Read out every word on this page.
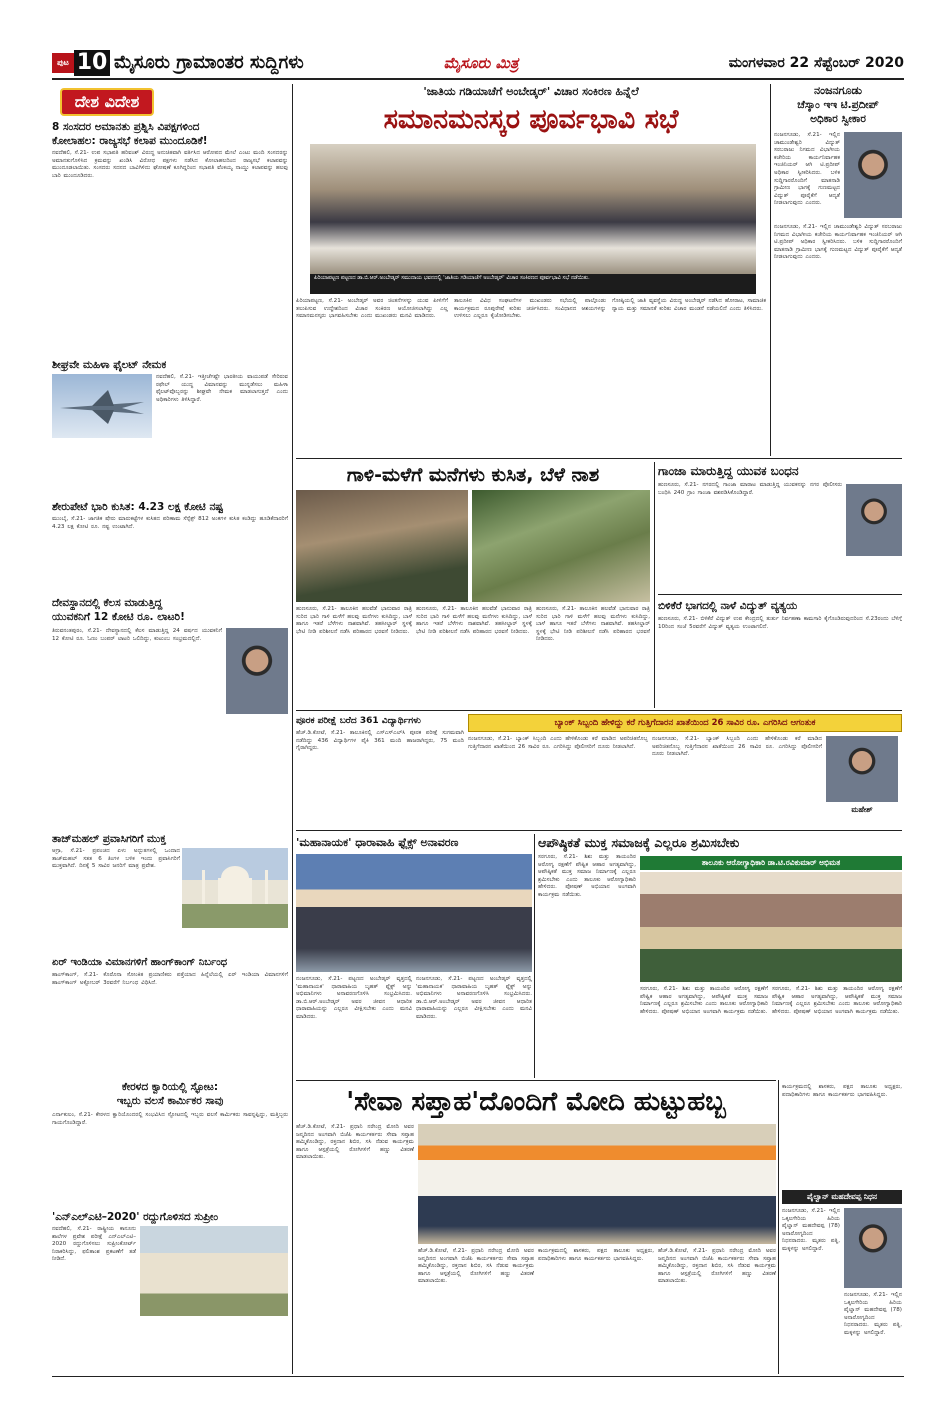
ಪುಟ 10 ಮೈಸೂರು ಗ್ರಾಮಾಂತರ ಸುದ್ದಿಗಳು	ಮೈಸೂರು ಮಿತ್ರ	ಮಂಗಳವಾರ 22 ಸೆಪ್ಟೆಂಬರ್ 2020
ದೇಶ ವಿದೇಶ
8 ಸಂಸದರ ಅಮಾನತು ಪ್ರಶ್ನಿಸಿ ವಿಪಕ್ಷಗಳಿಂದ
ಕೋಲಾಹಲ: ರಾಜ್ಯಸಭೆ ಕಲಾಪ ಮುಂದೂಡಿಕೆ!
ನವದೆಹಲಿ, ಸೆ.21- ಉಪ ಸಭಾಪತಿ ಹರಿವಂಶ್ ವಿರುದ್ಧ ಅನುಚಿತವಾಗಿ ವರ್ತಿಸಿದ ಆರೋಪದ ಮೇಲೆ ಎಂಟು ಮಂದಿ ಸಂಸದರನ್ನು ಅಮಾನತುಗೊಳಿಸಿದ ಕ್ರಮವನ್ನು ಖಂಡಿಸಿ ವಿರೋಧ ಪಕ್ಷಗಳು ನಡೆಸಿದ ಕೋಲಾಹಲದಿಂದ ರಾಜ್ಯಸಭೆ ಕಲಾಪವನ್ನು ಮುಂದೂಡಲಾಯಿತು. ಸಂಸದರು ಸದನದ ಬಾವಿಗಿಳಿದು ಘೋಷಣೆ ಕೂಗಿದ್ದರಿಂದ ಸಭಾಪತಿ ವೆಂಕಯ್ಯ ನಾಯ್ಡು ಕಲಾಪವನ್ನು ಹಲವು ಬಾರಿ ಮುಂದೂಡಿದರು.
ಶೀಘ್ರವೇ ಮಹಿಳಾ ಫೈಲಟ್ ನೇಮಕ
ನವದೆಹಲಿ, ಸೆ.21- ಇತ್ತೀಚೆಗಷ್ಟೇ ಭಾರತೀಯ ವಾಯುಪಡೆ ಸೇರಿರುವ ರಫೇಲ್ ಯುದ್ಧ ವಿಮಾನವನ್ನು ಮುನ್ನಡೆಸಲು ಮಹಿಳಾ ಫೈಲಟ್‌ವೊಬ್ಬರನ್ನು ಶೀಘ್ರವೇ ನೇಮಕ ಮಾಡಲಾಗುತ್ತದೆ ಎಂದು ಅಧಿಕಾರಿಗಳು ತಿಳಿಸಿದ್ದಾರೆ.
ಶೇರುಪೇಟೆ ಭಾರಿ ಕುಸಿತ: 4.23 ಲಕ್ಷ ಕೋಟಿ ನಷ್ಟ
ಮುಂಬೈ, ಸೆ.21- ಜಾಗತಿಕ ಷೇರು ಮಾರುಕಟ್ಟೆಗಳ ಕುಸಿತದ ಪರಿಣಾಮ ಸೆನ್ಸೆಕ್ಸ್ 812 ಅಂಕಗಳ ಕುಸಿತ ಕಂಡಿದ್ದು ಹೂಡಿಕೆದಾರರಿಗೆ 4.23 ಲಕ್ಷ ಕೋಟಿ ರೂ. ನಷ್ಟ ಉಂಟಾಗಿದೆ.
ದೇವಸ್ಥಾನದಲ್ಲಿ ಕೆಲಸ ಮಾಡುತ್ತಿದ್ದ
ಯುವಕನಿಗೆ 12 ಕೋಟಿ ರೂ. ಲಾಟರಿ!
ತಿರುವನಂತಪುರಂ, ಸೆ.21- ದೇವಸ್ಥಾನದಲ್ಲಿ ಕೆಲಸ ಮಾಡುತ್ತಿದ್ದ 24 ವರ್ಷದ ಯುವಕನಿಗೆ 12 ಕೋಟಿ ರೂ. ಓಣಂ ಬಂಪರ್ ಲಾಟರಿ ಒಲಿದಿದ್ದು, ಕುಟುಂಬ ಸಂಭ್ರಮದಲ್ಲಿದೆ.
ತಾಜ್‌ಮಹಲ್ ಪ್ರವಾಸಿಗರಿಗೆ ಮುಕ್ತ
ಆಗ್ರಾ, ಸೆ.21- ಪ್ರಪಂಚದ ಏಳು ಅದ್ಭುತಗಳಲ್ಲಿ ಒಂದಾದ ತಾಜ್‌ಮಹಲ್ ಸತತ 6 ತಿಂಗಳ ಬಳಿಕ ಇಂದು ಪ್ರವಾಸಿಗರಿಗೆ ಮುಕ್ತವಾಗಿದೆ. ದಿನಕ್ಕೆ 5 ಸಾವಿರ ಜನರಿಗೆ ಮಾತ್ರ ಪ್ರವೇಶ.
ಏರ್ ಇಂಡಿಯಾ ವಿಮಾನಗಳಿಗೆ ಹಾಂಗ್‌ಕಾಂಗ್ ನಿರ್ಬಂಧ
ಹಾಂಗ್‌ಕಾಂಗ್, ಸೆ.21- ಕೊರೊನಾ ಸೋಂಕಿತ ಪ್ರಯಾಣಿಕರು ಪತ್ತೆಯಾದ ಹಿನ್ನೆಲೆಯಲ್ಲಿ ಏರ್ ಇಂಡಿಯಾ ವಿಮಾನಗಳಿಗೆ ಹಾಂಗ್‌ಕಾಂಗ್ ಅಕ್ಟೋಬರ್ 3ರವರೆಗೆ ನಿರ್ಬಂಧ ವಿಧಿಸಿದೆ.
ಕೇರಳದ ಕ್ವಾರಿಯಲ್ಲಿ ಸ್ಫೋಟ:
ಇಬ್ಬರು ವಲಸೆ ಕಾರ್ಮಿಕರ ಸಾವು
ಎರ್ನಾಕುಲಂ, ಸೆ.21- ಕೇರಳದ ಕ್ವಾರಿಯೊಂದರಲ್ಲಿ ಸಂಭವಿಸಿದ ಸ್ಫೋಟದಲ್ಲಿ ಇಬ್ಬರು ವಲಸೆ ಕಾರ್ಮಿಕರು ಸಾವನ್ನಪ್ಪಿದ್ದು, ಮತ್ತಿಬ್ಬರು ಗಾಯಗೊಂಡಿದ್ದಾರೆ.
'ಎನ್‌ಎಲ್‌ಎಟಿ–2020' ರದ್ದುಗೊಳಿಸದ ಸುಪ್ರೀಂ
ನವದೆಹಲಿ, ಸೆ.21- ರಾಷ್ಟ್ರೀಯ ಕಾನೂನು ಶಾಲೆಗಳ ಪ್ರವೇಶ ಪರೀಕ್ಷೆ ಎನ್‌ಎಲ್‌ಎಟಿ–2020 ರದ್ದುಗೊಳಿಸಲು ಸುಪ್ರೀಂಕೋರ್ಟ್ ನಿರಾಕರಿಸಿದ್ದು, ಫಲಿತಾಂಶ ಪ್ರಕಟಣೆಗೆ ತಡೆ ನೀಡಿದೆ.
'ಜಾತಿಯ ಗಡಿಯಾಚೆಗೆ ಅಂಬೇಡ್ಕರ್' ವಿಚಾರ ಸಂಕಿರಣ ಹಿನ್ನೆಲೆ
ಸಮಾನಮನಸ್ಕರ ಪೂರ್ವಭಾವಿ ಸಭೆ
ಪಿರಿಯಾಪಟ್ಟಣ ಪಟ್ಟಣದ ಡಾ.ಬಿ.ಆರ್.ಅಂಬೇಡ್ಕರ್ ಸಮುದಾಯ ಭವನದಲ್ಲಿ 'ಜಾತಿಯ ಗಡಿಯಾಚೆಗೆ ಅಂಬೇಡ್ಕರ್' ವಿಚಾರ ಸಂಕಿರಣದ ಪೂರ್ವಭಾವಿ ಸಭೆ ನಡೆಯಿತು.
ಪಿರಿಯಾಪಟ್ಟಣ, ಸೆ.21- ಅಂಬೇಡ್ಕರ್ ಅವರ ಚಿಂತನೆಗಳನ್ನು ಯುವ ಪೀಳಿಗೆಗೆ ತಲುಪಿಸುವ ಉದ್ದೇಶದಿಂದ ವಿಚಾರ ಸಂಕಿರಣ ಆಯೋಜಿಸಲಾಗಿದ್ದು ಎಲ್ಲ ಸಮಾನಮನಸ್ಕರು ಭಾಗವಹಿಸಬೇಕು ಎಂದು ಮುಖಂಡರು ಮನವಿ ಮಾಡಿದರು.
ತಾಲೂಕಿನ ವಿವಿಧ ಸಂಘಟನೆಗಳ ಮುಖಂಡರು ಸಭೆಯಲ್ಲಿ ಪಾಲ್ಗೊಂಡು ಕಾರ್ಯಕ್ರಮದ ರೂಪುರೇಷೆ ಕುರಿತು ಚರ್ಚಿಸಿದರು. ಸಂವಿಧಾನದ ಆಶಯಗಳನ್ನು ಉಳಿಸಲು ಎಲ್ಲರೂ ಕೈಜೋಡಿಸಬೇಕು.
ಗೋಷ್ಠಿಯಲ್ಲಿ ಜಾತಿ ವ್ಯವಸ್ಥೆಯ ವಿರುದ್ಧ ಅಂಬೇಡ್ಕರ್ ನಡೆಸಿದ ಹೋರಾಟ, ಸಾಮಾಜಿಕ ನ್ಯಾಯ ಮತ್ತು ಸಮಾನತೆ ಕುರಿತು ವಿಚಾರ ಮಂಡನೆ ನಡೆಯಲಿದೆ ಎಂದು ತಿಳಿಸಿದರು.
ನಂಜನಗೂಡು
ಚೆಸ್ಕಾಂ ಇಇ ಟಿ.ಪ್ರದೀಪ್
ಅಧಿಕಾರ ಸ್ವೀಕಾರ
ನಂಜನಗೂಡು, ಸೆ.21- ಇಲ್ಲಿನ ಚಾಮುಂಡೇಶ್ವರಿ ವಿದ್ಯುತ್ ಸರಬರಾಜು ನಿಗಮದ ವಿಭಾಗೀಯ ಕಚೇರಿಯ ಕಾರ್ಯನಿರ್ವಾಹಕ ಇಂಜಿನಿಯರ್ ಆಗಿ ಟಿ.ಪ್ರದೀಪ್ ಅಧಿಕಾರ ಸ್ವೀಕರಿಸಿದರು. ಬಳಿಕ ಸುದ್ದಿಗಾರರೊಂದಿಗೆ ಮಾತನಾಡಿ ಗ್ರಾಮೀಣ ಭಾಗಕ್ಕೆ ಗುಣಮಟ್ಟದ ವಿದ್ಯುತ್ ಪೂರೈಕೆಗೆ ಆದ್ಯತೆ ನೀಡಲಾಗುವುದು ಎಂದರು.
ನಂಜನಗೂಡು, ಸೆ.21- ಇಲ್ಲಿನ ಚಾಮುಂಡೇಶ್ವರಿ ವಿದ್ಯುತ್ ಸರಬರಾಜು ನಿಗಮದ ವಿಭಾಗೀಯ ಕಚೇರಿಯ ಕಾರ್ಯನಿರ್ವಾಹಕ ಇಂಜಿನಿಯರ್ ಆಗಿ ಟಿ.ಪ್ರದೀಪ್ ಅಧಿಕಾರ ಸ್ವೀಕರಿಸಿದರು. ಬಳಿಕ ಸುದ್ದಿಗಾರರೊಂದಿಗೆ ಮಾತನಾಡಿ ಗ್ರಾಮೀಣ ಭಾಗಕ್ಕೆ ಗುಣಮಟ್ಟದ ವಿದ್ಯುತ್ ಪೂರೈಕೆಗೆ ಆದ್ಯತೆ ನೀಡಲಾಗುವುದು ಎಂದರು.
ಗಾಳಿ-ಮಳೆಗೆ ಮನೆಗಳು ಕುಸಿತ, ಬೆಳೆ ನಾಶ
ಹುಣಸೂರು, ಸೆ.21- ತಾಲೂಕಿನ ಹಲವೆಡೆ ಭಾನುವಾರ ರಾತ್ರಿ ಸುರಿದ ಭಾರಿ ಗಾಳಿ ಮಳೆಗೆ ಹಲವು ಮನೆಗಳು ಕುಸಿದಿದ್ದು, ಬಾಳೆ ಹಾಗೂ ಇತರೆ ಬೆಳೆಗಳು ನಾಶವಾಗಿವೆ. ತಹಸೀಲ್ದಾರ್ ಸ್ಥಳಕ್ಕೆ ಭೇಟಿ ನೀಡಿ ಪರಿಶೀಲನೆ ನಡೆಸಿ ಪರಿಹಾರದ ಭರವಸೆ ನೀಡಿದರು.
ಹುಣಸೂರು, ಸೆ.21- ತಾಲೂಕಿನ ಹಲವೆಡೆ ಭಾನುವಾರ ರಾತ್ರಿ ಸುರಿದ ಭಾರಿ ಗಾಳಿ ಮಳೆಗೆ ಹಲವು ಮನೆಗಳು ಕುಸಿದಿದ್ದು, ಬಾಳೆ ಹಾಗೂ ಇತರೆ ಬೆಳೆಗಳು ನಾಶವಾಗಿವೆ. ತಹಸೀಲ್ದಾರ್ ಸ್ಥಳಕ್ಕೆ ಭೇಟಿ ನೀಡಿ ಪರಿಶೀಲನೆ ನಡೆಸಿ ಪರಿಹಾರದ ಭರವಸೆ ನೀಡಿದರು.
ಹುಣಸೂರು, ಸೆ.21- ತಾಲೂಕಿನ ಹಲವೆಡೆ ಭಾನುವಾರ ರಾತ್ರಿ ಸುರಿದ ಭಾರಿ ಗಾಳಿ ಮಳೆಗೆ ಹಲವು ಮನೆಗಳು ಕುಸಿದಿದ್ದು, ಬಾಳೆ ಹಾಗೂ ಇತರೆ ಬೆಳೆಗಳು ನಾಶವಾಗಿವೆ. ತಹಸೀಲ್ದಾರ್ ಸ್ಥಳಕ್ಕೆ ಭೇಟಿ ನೀಡಿ ಪರಿಶೀಲನೆ ನಡೆಸಿ ಪರಿಹಾರದ ಭರವಸೆ ನೀಡಿದರು.
ಗಾಂಜಾ ಮಾರುತ್ತಿದ್ದ ಯುವಕ ಬಂಧನ
ಹುಣಸೂರು, ಸೆ.21- ನಗರದಲ್ಲಿ ಗಾಂಜಾ ಮಾರಾಟ ಮಾಡುತ್ತಿದ್ದ ಯುವಕನನ್ನು ನಗರ ಪೊಲೀಸರು ಬಂಧಿಸಿ 240 ಗ್ರಾಂ ಗಾಂಜಾ ವಶಪಡಿಸಿಕೊಂಡಿದ್ದಾರೆ.
ಬಿಳಿಕೆರೆ ಭಾಗದಲ್ಲಿ ನಾಳೆ ವಿದ್ಯುತ್ ವ್ಯತ್ಯಯ
ಹುಣಸೂರು, ಸೆ.21- ಬಿಳಿಕೆರೆ ವಿದ್ಯುತ್ ಉಪ ಕೇಂದ್ರದಲ್ಲಿ ತುರ್ತು ನಿರ್ವಹಣಾ ಕಾಮಗಾರಿ ಕೈಗೊಂಡಿರುವುದರಿಂದ ಸೆ.23ರಂದು ಬೆಳಿಗ್ಗೆ 10ರಿಂದ ಸಂಜೆ 5ರವರೆಗೆ ವಿದ್ಯುತ್ ವ್ಯತ್ಯಯ ಉಂಟಾಗಲಿದೆ.
ಪೂರಕ ಪರೀಕ್ಷೆ ಬರೆದ 361 ವಿದ್ಯಾರ್ಥಿಗಳು
ಹೆಚ್.ಡಿ.ಕೋಟೆ, ಸೆ.21- ತಾಲೂಕಿನಲ್ಲಿ ಎಸ್‌ಎಸ್‌ಎಲ್‌ಸಿ ಪೂರಕ ಪರೀಕ್ಷೆ ಸುಗಮವಾಗಿ ನಡೆದಿದ್ದು 436 ವಿದ್ಯಾರ್ಥಿಗಳ ಪೈಕಿ 361 ಮಂದಿ ಹಾಜರಾಗಿದ್ದರು, 75 ಮಂದಿ ಗೈರಾಗಿದ್ದರು.
ಬ್ಯಾಂಕ್ ಸಿಬ್ಬಂದಿ ಹೇಳಿದ್ದು ಕರೆ ಗುತ್ತಿಗೆದಾರನ ಖಾತೆಯಿಂದ 26 ಸಾವಿರ ರೂ. ಎಗರಿಸಿದ ಆಗಂತುಕ
ನಂಜನಗೂಡು, ಸೆ.21- ಬ್ಯಾಂಕ್ ಸಿಬ್ಬಂದಿ ಎಂದು ಹೇಳಿಕೊಂಡು ಕರೆ ಮಾಡಿದ ಅಪರಿಚಿತನೊಬ್ಬ ಗುತ್ತಿಗೆದಾರನ ಖಾತೆಯಿಂದ 26 ಸಾವಿರ ರೂ. ಎಗರಿಸಿದ್ದು ಪೊಲೀಸರಿಗೆ ದೂರು ನೀಡಲಾಗಿದೆ.
ನಂಜನಗೂಡು, ಸೆ.21- ಬ್ಯಾಂಕ್ ಸಿಬ್ಬಂದಿ ಎಂದು ಹೇಳಿಕೊಂಡು ಕರೆ ಮಾಡಿದ ಅಪರಿಚಿತನೊಬ್ಬ ಗುತ್ತಿಗೆದಾರನ ಖಾತೆಯಿಂದ 26 ಸಾವಿರ ರೂ. ಎಗರಿಸಿದ್ದು ಪೊಲೀಸರಿಗೆ ದೂರು ನೀಡಲಾಗಿದೆ.
ಮಹೇಶ್
'ಮಹಾನಾಯಕ' ಧಾರಾವಾಹಿ ಫ್ಲೆಕ್ಸ್ ಅನಾವರಣ
ನಂಜನಗೂಡು, ಸೆ.21- ಪಟ್ಟಣದ ಅಂಬೇಡ್ಕರ್ ವೃತ್ತದಲ್ಲಿ 'ಮಹಾನಾಯಕ' ಧಾರಾವಾಹಿಯ ಬೃಹತ್ ಫ್ಲೆಕ್ಸ್ ಅನ್ನು ಅಭಿಮಾನಿಗಳು ಅನಾವರಣಗೊಳಿಸಿ ಸಂಭ್ರಮಿಸಿದರು. ಡಾ.ಬಿ.ಆರ್.ಅಂಬೇಡ್ಕರ್ ಅವರ ಜೀವನ ಆಧಾರಿತ ಧಾರಾವಾಹಿಯನ್ನು ಎಲ್ಲರೂ ವೀಕ್ಷಿಸಬೇಕು ಎಂದು ಮನವಿ ಮಾಡಿದರು.
ನಂಜನಗೂಡು, ಸೆ.21- ಪಟ್ಟಣದ ಅಂಬೇಡ್ಕರ್ ವೃತ್ತದಲ್ಲಿ 'ಮಹಾನಾಯಕ' ಧಾರಾವಾಹಿಯ ಬೃಹತ್ ಫ್ಲೆಕ್ಸ್ ಅನ್ನು ಅಭಿಮಾನಿಗಳು ಅನಾವರಣಗೊಳಿಸಿ ಸಂಭ್ರಮಿಸಿದರು. ಡಾ.ಬಿ.ಆರ್.ಅಂಬೇಡ್ಕರ್ ಅವರ ಜೀವನ ಆಧಾರಿತ ಧಾರಾವಾಹಿಯನ್ನು ಎಲ್ಲರೂ ವೀಕ್ಷಿಸಬೇಕು ಎಂದು ಮನವಿ ಮಾಡಿದರು.
ಆಪೌಷ್ಠಿಕತೆ ಮುಕ್ತ ಸಮಾಜಕ್ಕೆ ಎಲ್ಲರೂ ಶ್ರಮಿಸಬೇಕು
ಸರಗೂರು, ಸೆ.21- ಶಿಶು ಮತ್ತು ತಾಯಂದಿರ ಆರೋಗ್ಯ ರಕ್ಷಣೆಗೆ ಪೌಷ್ಟಿಕ ಆಹಾರ ಅಗತ್ಯವಾಗಿದ್ದು, ಆಪೌಷ್ಠಿಕತೆ ಮುಕ್ತ ಸಮಾಜ ನಿರ್ಮಾಣಕ್ಕೆ ಎಲ್ಲರೂ ಶ್ರಮಿಸಬೇಕು ಎಂದು ತಾಲೂಕು ಆರೋಗ್ಯಾಧಿಕಾರಿ ಹೇಳಿದರು. ಪೋಷಣ್ ಅಭಿಯಾನ ಅಂಗವಾಗಿ ಕಾರ್ಯಕ್ರಮ ನಡೆಯಿತು.
ತಾಲೂಕು ಆರೋಗ್ಯಾಧಿಕಾರಿ ಡಾ.ಟಿ.ರವಿಕುಮಾರ್ ಅಭಿಮತ
ಸರಗೂರು, ಸೆ.21- ಶಿಶು ಮತ್ತು ತಾಯಂದಿರ ಆರೋಗ್ಯ ರಕ್ಷಣೆಗೆ ಪೌಷ್ಟಿಕ ಆಹಾರ ಅಗತ್ಯವಾಗಿದ್ದು, ಆಪೌಷ್ಠಿಕತೆ ಮುಕ್ತ ಸಮಾಜ ನಿರ್ಮಾಣಕ್ಕೆ ಎಲ್ಲರೂ ಶ್ರಮಿಸಬೇಕು ಎಂದು ತಾಲೂಕು ಆರೋಗ್ಯಾಧಿಕಾರಿ ಹೇಳಿದರು. ಪೋಷಣ್ ಅಭಿಯಾನ ಅಂಗವಾಗಿ ಕಾರ್ಯಕ್ರಮ ನಡೆಯಿತು.
ಸರಗೂರು, ಸೆ.21- ಶಿಶು ಮತ್ತು ತಾಯಂದಿರ ಆರೋಗ್ಯ ರಕ್ಷಣೆಗೆ ಪೌಷ್ಟಿಕ ಆಹಾರ ಅಗತ್ಯವಾಗಿದ್ದು, ಆಪೌಷ್ಠಿಕತೆ ಮುಕ್ತ ಸಮಾಜ ನಿರ್ಮಾಣಕ್ಕೆ ಎಲ್ಲರೂ ಶ್ರಮಿಸಬೇಕು ಎಂದು ತಾಲೂಕು ಆರೋಗ್ಯಾಧಿಕಾರಿ ಹೇಳಿದರು. ಪೋಷಣ್ ಅಭಿಯಾನ ಅಂಗವಾಗಿ ಕಾರ್ಯಕ್ರಮ ನಡೆಯಿತು.
'ಸೇವಾ ಸಪ್ತಾಹ'ದೊಂದಿಗೆ ಮೋದಿ ಹುಟ್ಟುಹಬ್ಬ
ಹೆಚ್.ಡಿ.ಕೋಟೆ, ಸೆ.21- ಪ್ರಧಾನಿ ನರೇಂದ್ರ ಮೋದಿ ಅವರ ಜನ್ಮದಿನದ ಅಂಗವಾಗಿ ಬಿಜೆಪಿ ಕಾರ್ಯಕರ್ತರು ಸೇವಾ ಸಪ್ತಾಹ ಹಮ್ಮಿಕೊಂಡಿದ್ದು, ರಕ್ತದಾನ ಶಿಬಿರ, ಸಸಿ ನೆಡುವ ಕಾರ್ಯಕ್ರಮ ಹಾಗೂ ಆಸ್ಪತ್ರೆಯಲ್ಲಿ ರೋಗಿಗಳಿಗೆ ಹಣ್ಣು ವಿತರಣೆ ಮಾಡಲಾಯಿತು.
ಹೆಚ್.ಡಿ.ಕೋಟೆ, ಸೆ.21- ಪ್ರಧಾನಿ ನರೇಂದ್ರ ಮೋದಿ ಅವರ ಜನ್ಮದಿನದ ಅಂಗವಾಗಿ ಬಿಜೆಪಿ ಕಾರ್ಯಕರ್ತರು ಸೇವಾ ಸಪ್ತಾಹ ಹಮ್ಮಿಕೊಂಡಿದ್ದು, ರಕ್ತದಾನ ಶಿಬಿರ, ಸಸಿ ನೆಡುವ ಕಾರ್ಯಕ್ರಮ ಹಾಗೂ ಆಸ್ಪತ್ರೆಯಲ್ಲಿ ರೋಗಿಗಳಿಗೆ ಹಣ್ಣು ವಿತರಣೆ ಮಾಡಲಾಯಿತು.
ಕಾರ್ಯಕ್ರಮದಲ್ಲಿ ಶಾಸಕರು, ಪಕ್ಷದ ತಾಲೂಕು ಅಧ್ಯಕ್ಷರು, ಪದಾಧಿಕಾರಿಗಳು ಹಾಗೂ ಕಾರ್ಯಕರ್ತರು ಭಾಗವಹಿಸಿದ್ದರು.
ಹೆಚ್.ಡಿ.ಕೋಟೆ, ಸೆ.21- ಪ್ರಧಾನಿ ನರೇಂದ್ರ ಮೋದಿ ಅವರ ಜನ್ಮದಿನದ ಅಂಗವಾಗಿ ಬಿಜೆಪಿ ಕಾರ್ಯಕರ್ತರು ಸೇವಾ ಸಪ್ತಾಹ ಹಮ್ಮಿಕೊಂಡಿದ್ದು, ರಕ್ತದಾನ ಶಿಬಿರ, ಸಸಿ ನೆಡುವ ಕಾರ್ಯಕ್ರಮ ಹಾಗೂ ಆಸ್ಪತ್ರೆಯಲ್ಲಿ ರೋಗಿಗಳಿಗೆ ಹಣ್ಣು ವಿತರಣೆ ಮಾಡಲಾಯಿತು.
ಪೈಲ್ವಾನ್ ಮಹದೇವಪ್ಪ ನಿಧನ
ಕಾರ್ಯಕ್ರಮದಲ್ಲಿ ಶಾಸಕರು, ಪಕ್ಷದ ತಾಲೂಕು ಅಧ್ಯಕ್ಷರು, ಪದಾಧಿಕಾರಿಗಳು ಹಾಗೂ ಕಾರ್ಯಕರ್ತರು ಭಾಗವಹಿಸಿದ್ದರು.
ನಂಜನಗೂಡು, ಸೆ.21- ಇಲ್ಲಿನ ಒಕ್ಕಲಗೇರಿಯ ಹಿರಿಯ ಪೈಲ್ವಾನ್ ಮಹದೇವಪ್ಪ (78) ಅನಾರೋಗ್ಯದಿಂದ ನಿಧನರಾದರು. ಮೃತರು ಪತ್ನಿ, ಮಕ್ಕಳನ್ನು ಅಗಲಿದ್ದಾರೆ.
ನಂಜನಗೂಡು, ಸೆ.21- ಇಲ್ಲಿನ ಒಕ್ಕಲಗೇರಿಯ ಹಿರಿಯ ಪೈಲ್ವಾನ್ ಮಹದೇವಪ್ಪ (78) ಅನಾರೋಗ್ಯದಿಂದ ನಿಧನರಾದರು. ಮೃತರು ಪತ್ನಿ, ಮಕ್ಕಳನ್ನು ಅಗಲಿದ್ದಾರೆ.
